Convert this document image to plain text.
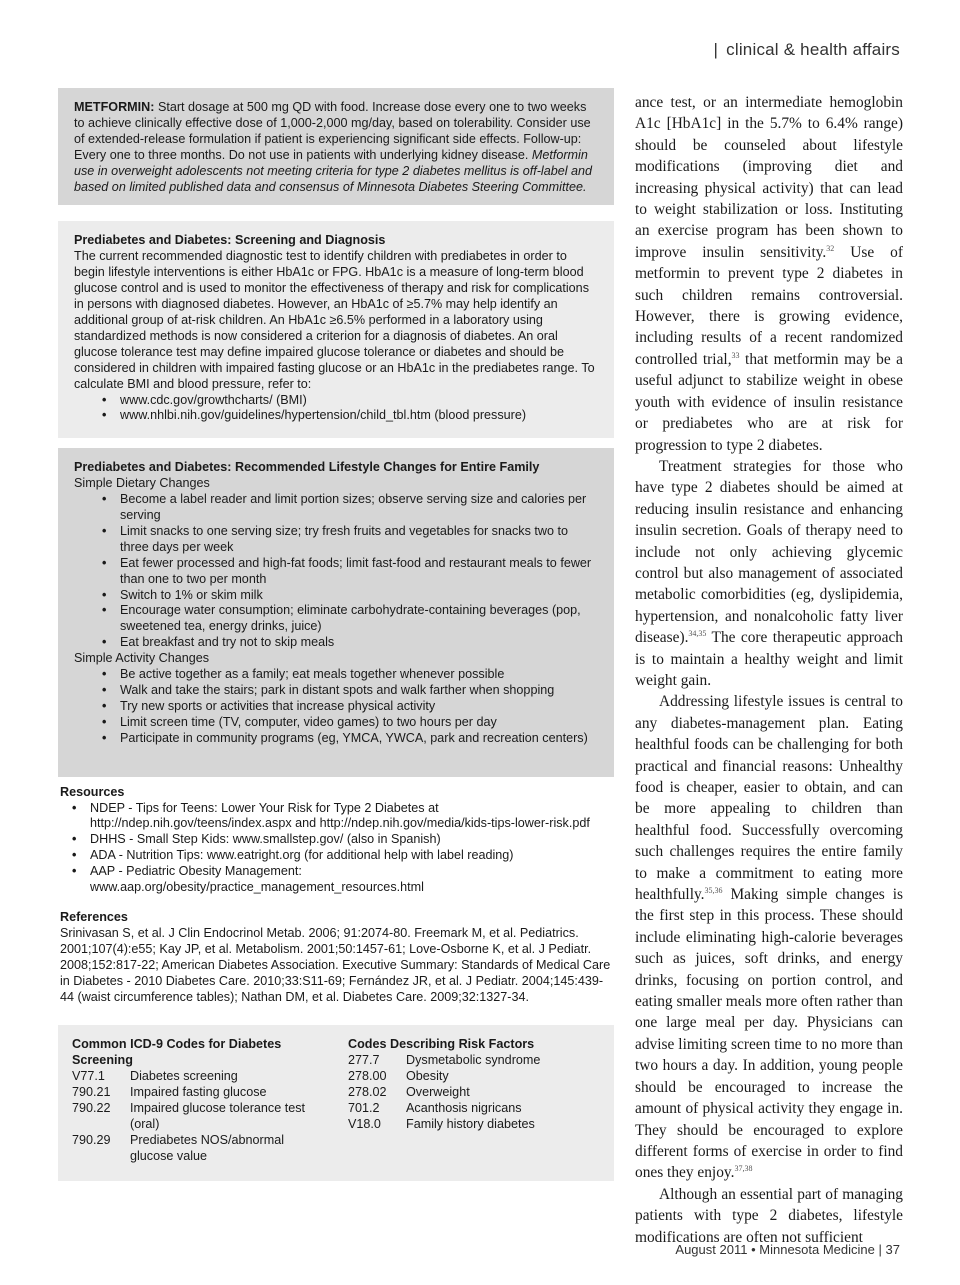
| clinical & health affairs
METFORMIN: Start dosage at 500 mg QD with food. Increase dose every one to two weeks to achieve clinically effective dose of 1,000-2,000 mg/day, based on tolerability. Consider use of extended-release formulation if patient is experiencing significant side effects. Follow-up: Every one to three months. Do not use in patients with underlying kidney disease. Metformin use in overweight adolescents not meeting criteria for type 2 diabetes mellitus is off-label and based on limited published data and consensus of Minnesota Diabetes Steering Committee.
Prediabetes and Diabetes: Screening and Diagnosis
The current recommended diagnostic test to identify children with prediabetes in order to begin lifestyle interventions is either HbA1c or FPG. HbA1c is a measure of long-term blood glucose control and is used to monitor the effectiveness of therapy and risk for complications in persons with diagnosed diabetes. However, an HbA1c of ≥5.7% may help identify an additional group of at-risk children. An HbA1c ≥6.5% performed in a laboratory using standardized methods is now considered a criterion for a diagnosis of diabetes. An oral glucose tolerance test may define impaired glucose tolerance or diabetes and should be considered in children with impaired fasting glucose or an HbA1c in the prediabetes range. To calculate BMI and blood pressure, refer to:
• www.cdc.gov/growthcharts/ (BMI)
• www.nhlbi.nih.gov/guidelines/hypertension/child_tbl.htm (blood pressure)
Prediabetes and Diabetes: Recommended Lifestyle Changes for Entire Family
Simple Dietary Changes
• Become a label reader and limit portion sizes; observe serving size and calories per serving
• Limit snacks to one serving size; try fresh fruits and vegetables for snacks two to three days per week
• Eat fewer processed and high-fat foods; limit fast-food and restaurant meals to fewer than one to two per month
• Switch to 1% or skim milk
• Encourage water consumption; eliminate carbohydrate-containing beverages (pop, sweetened tea, energy drinks, juice)
• Eat breakfast and try not to skip meals
Simple Activity Changes
• Be active together as a family; eat meals together whenever possible
• Walk and take the stairs; park in distant spots and walk farther when shopping
• Try new sports or activities that increase physical activity
• Limit screen time (TV, computer, video games) to two hours per day
• Participate in community programs (eg, YMCA, YWCA, park and recreation centers)
Resources
• NDEP - Tips for Teens: Lower Your Risk for Type 2 Diabetes at http://ndep.nih.gov/teens/index.aspx and http://ndep.nih.gov/media/kids-tips-lower-risk.pdf
• DHHS - Small Step Kids: www.smallstep.gov/ (also in Spanish)
• ADA - Nutrition Tips: www.eatright.org (for additional help with label reading)
• AAP - Pediatric Obesity Management: www.aap.org/obesity/practice_management_resources.html
References
Srinivasan S, et al. J Clin Endocrinol Metab. 2006; 91:2074-80. Freemark M, et al. Pediatrics. 2001;107(4):e55; Kay JP, et al. Metabolism. 2001;50:1457-61; Love-Osborne K, et al. J Pediatr. 2008;152:817-22; American Diabetes Association. Executive Summary: Standards of Medical Care in Diabetes - 2010 Diabetes Care. 2010;33:S11-69; Fernández JR, et al. J Pediatr. 2004;145:439-44 (waist circumference tables); Nathan DM, et al. Diabetes Care. 2009;32:1327-34.
Common ICD-9 Codes for Diabetes Screening
V77.1	Diabetes screening
790.21	Impaired fasting glucose
790.22	Impaired glucose tolerance test (oral)
790.29	Prediabetes NOS/abnormal glucose value
Codes Describing Risk Factors
277.7	Dysmetabolic syndrome
278.00	Obesity
278.02	Overweight
701.2	Acanthosis nigricans
V18.0	Family history diabetes

ance test, or an intermediate hemoglobin A1c [HbA1c] in the 5.7% to 6.4% range) should be counseled about lifestyle modifications (improving diet and increasing physical activity) that can lead to weight stabilization or loss. Instituting an exercise program has been shown to improve insulin sensitivity.$^{32}$ Use of metformin to prevent type 2 diabetes in such children remains controversial. However, there is growing evidence, including results of a recent randomized controlled trial,$^{33}$ that metformin may be a useful adjunct to stabilize weight in obese youth with evidence of insulin resistance or prediabetes who are at risk for progression to type 2 diabetes.

Treatment strategies for those who have type 2 diabetes should be aimed at reducing insulin resistance and enhancing insulin secretion. Goals of therapy need to include not only achieving glycemic control but also management of associated metabolic comorbidities (eg, dyslipidemia, hypertension, and nonalcoholic fatty liver disease).$^{34,35}$ The core therapeutic approach is to maintain a healthy weight and limit weight gain.

Addressing lifestyle issues is central to any diabetes-management plan. Eating healthful foods can be challenging for both practical and financial reasons: Unhealthy food is cheaper, easier to obtain, and can be more appealing to children than healthful food. Successfully overcoming such challenges requires the entire family to make a commitment to eating more healthfully.$^{35,36}$ Making simple changes is the first step in this process. These should include eliminating high-calorie beverages such as juices, soft drinks, and energy drinks, focusing on portion control, and eating smaller meals more often rather than one large meal per day. Physicians can advise limiting screen time to no more than two hours a day. In addition, young people should be encouraged to increase the amount of physical activity they engage in. They should be encouraged to explore different forms of exercise in order to find ones they enjoy.$^{37,38}$

Although an essential part of managing patients with type 2 diabetes, lifestyle modifications are often not sufficient

August 2011 • Minnesota Medicine | 37
